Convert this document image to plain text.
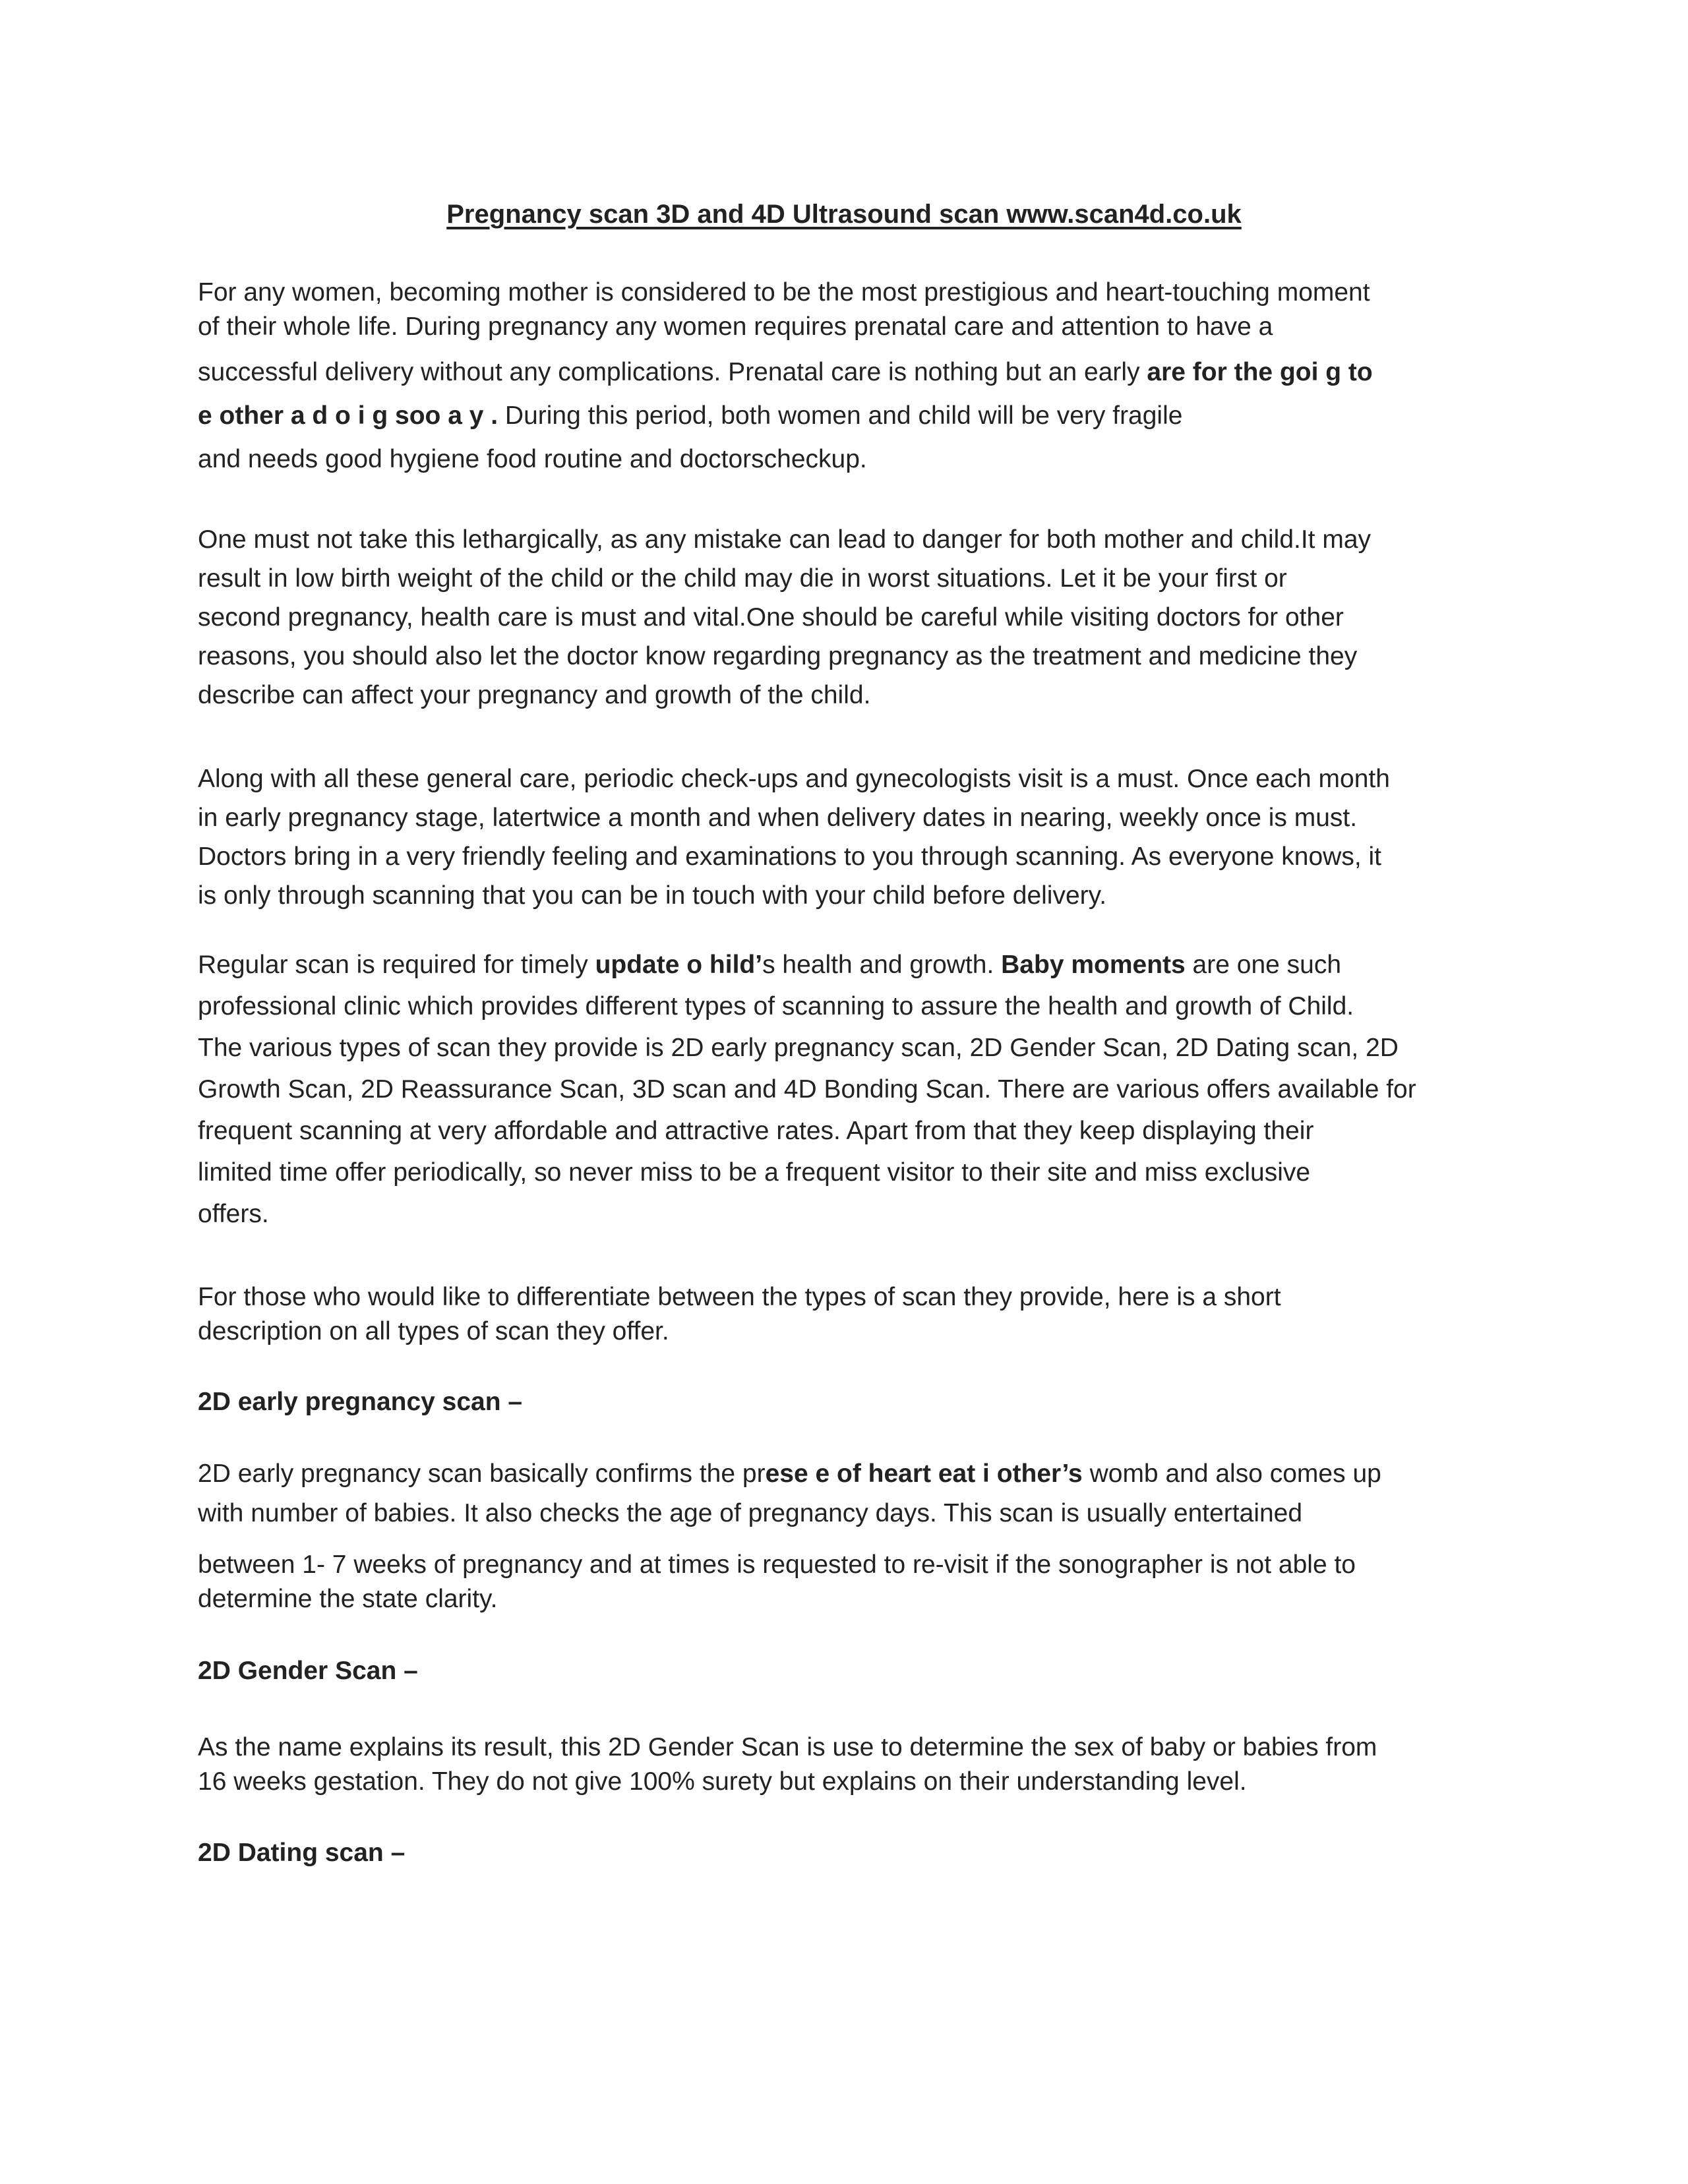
Pregnancy scan 3D and 4D Ultrasound scan www.scan4d.co.uk
For any women, becoming mother is considered to be the most prestigious and heart-touching moment
of their whole life. During pregnancy any women requires prenatal care and attention to have a
successful delivery without any complications. Prenatal care is nothing but an early are for the goi g to
e other a d o i g soo a y . During this period, both women and child will be very fragile
and needs good hygiene food routine and doctorscheckup.
One must not take this lethargically, as any mistake can lead to danger for both mother and child.It may
result in low birth weight of the child or the child may die in worst situations. Let it be your first or
second pregnancy, health care is must and vital.One should be careful while visiting doctors for other
reasons, you should also let the doctor know regarding pregnancy as the treatment and medicine they
describe can affect your pregnancy and growth of the child.
Along with all these general care, periodic check-ups and gynecologists visit is a must. Once each month
in early pregnancy stage, latertwice a month and when delivery dates in nearing, weekly once is must.
Doctors bring in a very friendly feeling and examinations to you through scanning. As everyone knows, it
is only through scanning that you can be in touch with your child before delivery.
Regular scan is required for timely update o hild’s health and growth. Baby moments are one such
professional clinic which provides different types of scanning to assure the health and growth of Child.
The various types of scan they provide is 2D early pregnancy scan, 2D Gender Scan, 2D Dating scan, 2D
Growth Scan, 2D Reassurance Scan, 3D scan and 4D Bonding Scan. There are various offers available for
frequent scanning at very affordable and attractive rates. Apart from that they keep displaying their
limited time offer periodically, so never miss to be a frequent visitor to their site and miss exclusive
offers.
For those who would like to differentiate between the types of scan they provide, here is a short
description on all types of scan they offer.
2D early pregnancy scan –
2D early pregnancy scan basically confirms the prese e of heart eat i other’s womb and also comes up
with number of babies. It also checks the age of pregnancy days. This scan is usually entertained
between 1- 7 weeks of pregnancy and at times is requested to re-visit if the sonographer is not able to
determine the state clarity.
2D Gender Scan –
As the name explains its result, this 2D Gender Scan is use to determine the sex of baby or babies from
16 weeks gestation. They do not give 100% surety but explains on their understanding level.
2D Dating scan –
